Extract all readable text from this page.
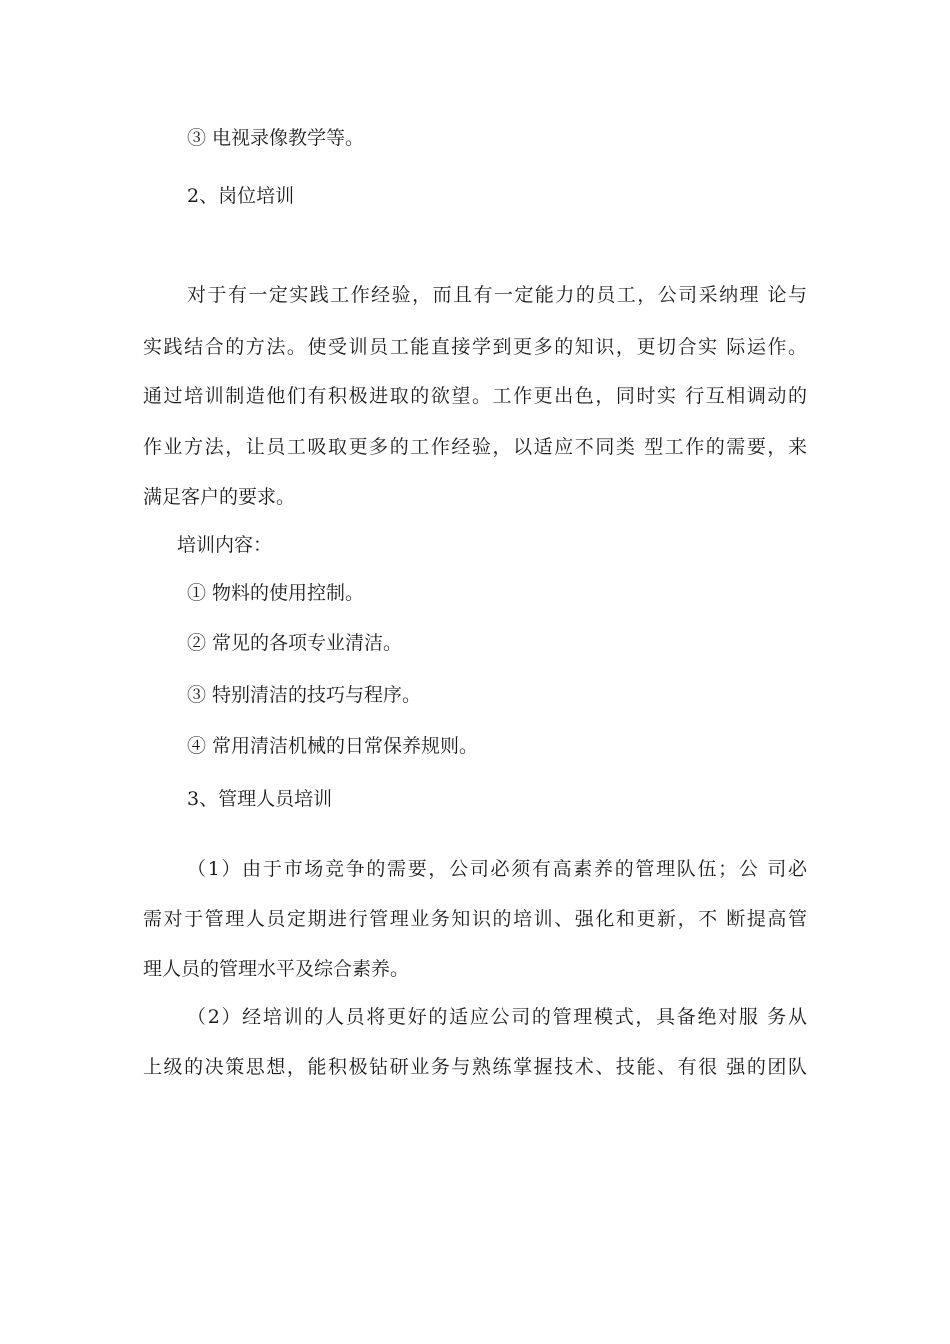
③ 电视录像教学等。
2、岗位培训
对于有一定实践工作经验，而且有一定能力的员工，公司采纳理 论与
实践结合的方法。使受训员工能直接学到更多的知识，更切合实 际运作。
通过培训制造他们有积极进取的欲望。工作更出色，同时实 行互相调动的
作业方法，让员工吸取更多的工作经验，以适应不同类 型工作的需要，来
满足客户的要求。
培训内容：
① 物料的使用控制。
② 常见的各项专业清洁。
③ 特别清洁的技巧与程序。
④ 常用清洁机械的日常保养规则。
3、管理人员培训
（1）由于市场竞争的需要，公司必须有高素养的管理队伍；公 司必
需对于管理人员定期进行管理业务知识的培训、强化和更新，不 断提高管
理人员的管理水平及综合素养。
（2）经培训的人员将更好的适应公司的管理模式，具备绝对服 务从
上级的决策思想，能积极钻研业务与熟练掌握技术、技能、有很 强的团队
